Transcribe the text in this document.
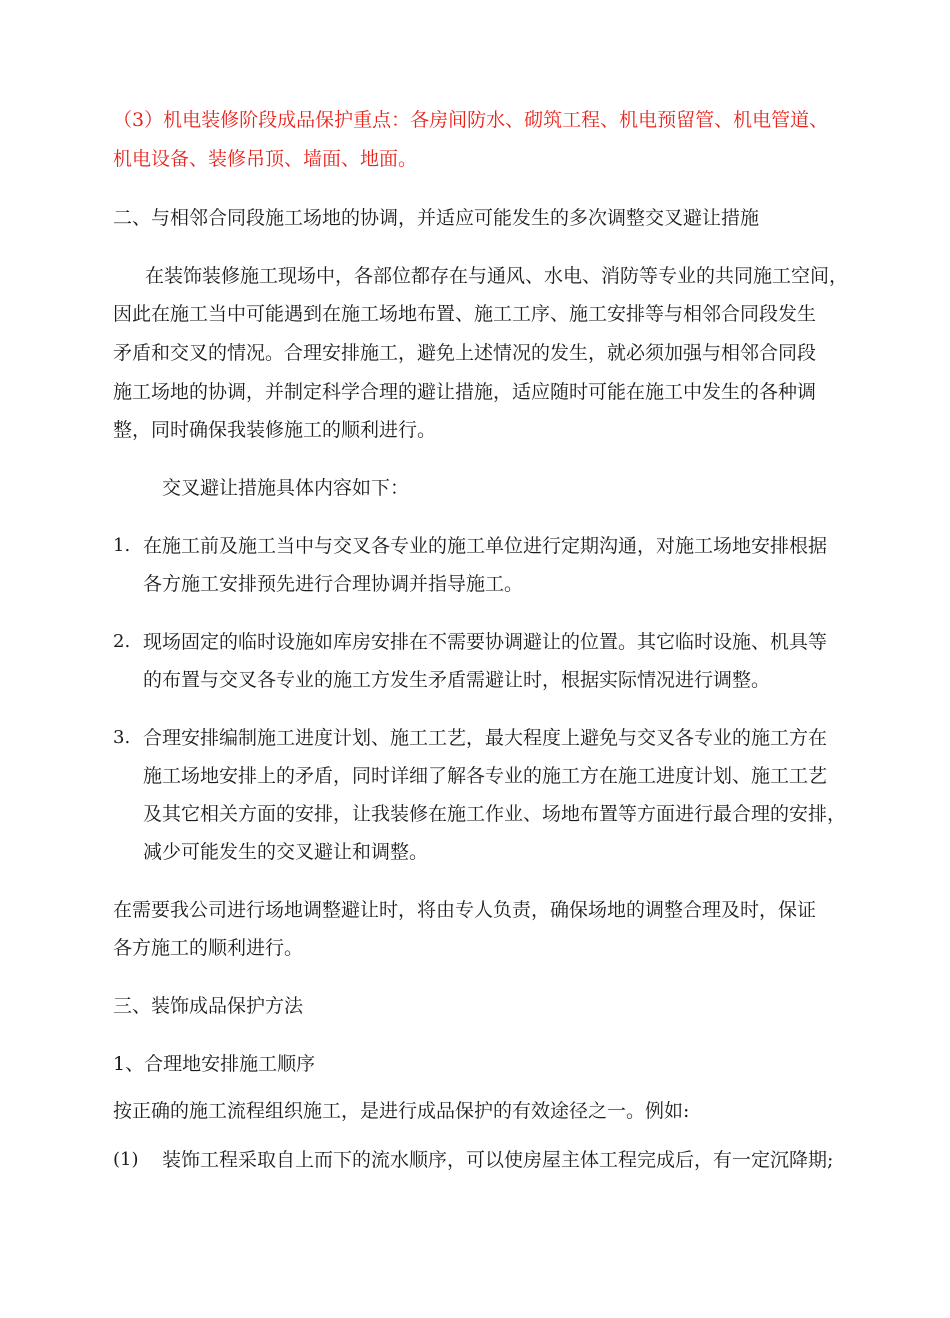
（3）机电装修阶段成品保护重点：各房间防水、砌筑工程、机电预留管、机电管道、

机电设备、装修吊顶、墙面、地面。

二、与相邻合同段施工场地的协调，并适应可能发生的多次调整交叉避让措施

在装饰装修施工现场中，各部位都存在与通风、水电、消防等专业的共同施工空间，

因此在施工当中可能遇到在施工场地布置、施工工序、施工安排等与相邻合同段发生

矛盾和交叉的情况。合理安排施工，避免上述情况的发生，就必须加强与相邻合同段

施工场地的协调，并制定科学合理的避让措施，适应随时可能在施工中发生的各种调

整，同时确保我装修施工的顺利进行。

交叉避让措施具体内容如下：

1. 在施工前及施工当中与交叉各专业的施工单位进行定期沟通，对施工场地安排根据

各方施工安排预先进行合理协调并指导施工。

2. 现场固定的临时设施如库房安排在不需要协调避让的位置。其它临时设施、机具等

的布置与交叉各专业的施工方发生矛盾需避让时，根据实际情况进行调整。

3. 合理安排编制施工进度计划、施工工艺，最大程度上避免与交叉各专业的施工方在

施工场地安排上的矛盾，同时详细了解各专业的施工方在施工进度计划、施工工艺

及其它相关方面的安排，让我装修在施工作业、场地布置等方面进行最合理的安排，

减少可能发生的交叉避让和调整。

在需要我公司进行场地调整避让时，将由专人负责，确保场地的调整合理及时，保证

各方施工的顺利进行。

三、装饰成品保护方法

1、合理地安排施工顺序

按正确的施工流程组织施工，是进行成品保护的有效途径之一。例如:

(1) 装饰工程采取自上而下的流水顺序，可以使房屋主体工程完成后，有一定沉降期;
